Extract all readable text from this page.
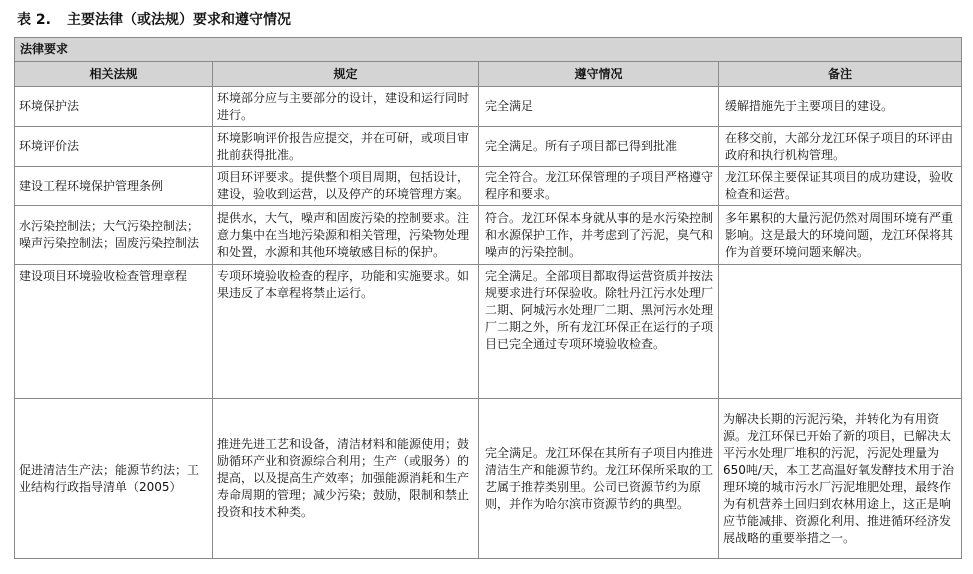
表 2. 主要法律（或法规）要求和遵守情况
法律要求			
相关法规	规定	遵守情况	备注
环境保护法	环境部分应与主要部分的设计，建设和运行同时进行。	完全满足	缓解措施先于主要项目的建设。
环境评价法	环境影响评价报告应提交，并在可研，或项目审批前获得批准。	完全满足。所有子项目都已得到批准	在移交前，大部分龙江环保子项目的环评由政府和执行机构管理。
建设工程环境保护管理条例	项目环评要求。提供整个项目周期，包括设计，建设，验收到运营，以及停产的环境管理方案。	完全符合。龙江环保管理的子项目严格遵守程序和要求。	龙江环保主要保证其项目的成功建设，验收检查和运营。
水污染控制法；大气污染控制法；噪声污染控制法；固废污染控制法	提供水，大气，噪声和固废污染的控制要求。注意力集中在当地污染源和相关管理，污染物处理和处置，水源和其他环境敏感目标的保护。	符合。龙江环保本身就从事的是水污染控制和水源保护工作，并考虑到了污泥，臭气和噪声的污染控制。	多年累积的大量污泥仍然对周围环境有严重影响。这是最大的环境问题，龙江环保将其作为首要环境问题来解决。
建设项目环境验收检查管理章程	专项环境验收检查的程序，功能和实施要求。如果违反了本章程将禁止运行。	完全满足。全部项目都取得运营资质并按法规要求进行环保验收。除牡丹江污水处理厂二期、阿城污水处理厂二期、黑河污水处理厂二期之外，所有龙江环保正在运行的子项目已完全通过专项环境验收检查。	
促进清洁生产法；能源节约法；工业结构行政指导清单（2005）	推进先进工艺和设备，清洁材料和能源使用；鼓励循环产业和资源综合利用；生产（或服务）的提高，以及提高生产效率；加强能源消耗和生产寿命周期的管理；减少污染；鼓励，限制和禁止投资和技术种类。	完全满足。龙江环保在其所有子项目内推进清洁生产和能源节约。龙江环保所采取的工艺属于推荐类别里。公司已资源节约为原则，并作为哈尔滨市资源节约的典型。	为解决长期的污泥污染，并转化为有用资源。龙江环保已开始了新的项目，已解决太平污水处理厂堆积的污泥，污泥处理量为650吨/天，本工艺高温好氧发酵技术用于治理环境的城市污水厂污泥堆肥处理，最终作为有机营养土回归到农林用途上，这正是响应节能减排、资源化利用、推进循环经济发展战略的重要举措之一。
